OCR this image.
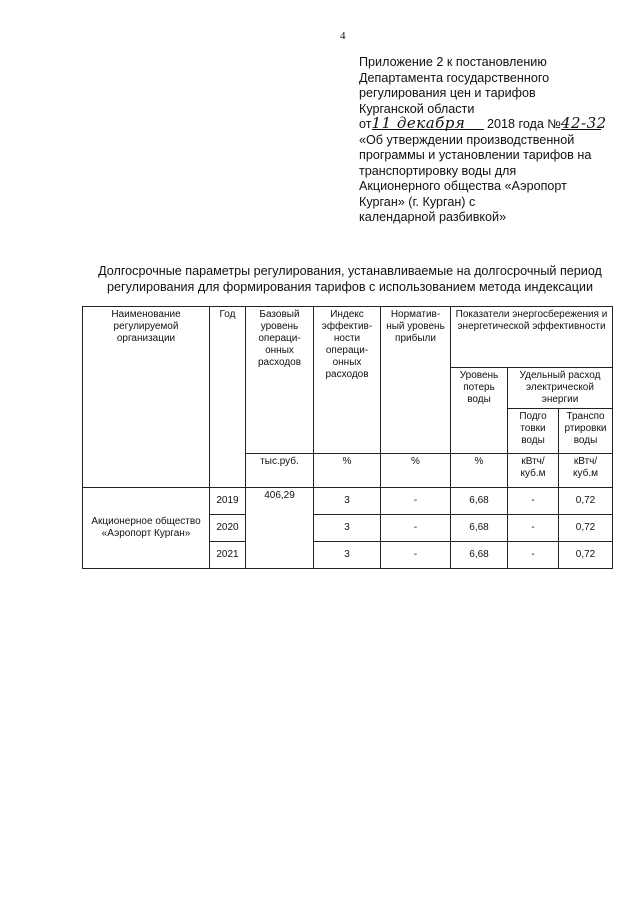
4
Приложение 2 к постановлению
Департамента государственного
регулирования цен и тарифов
Курганской области
от11 декабря 2018 года №42-32
«Об утверждении производственной
программы и установлении тарифов на
транспортировку воды для
Акционерного общества «Аэропорт
Курган» (г. Курган) с
календарной разбивкой»
Долгосрочные параметры регулирования, устанавливаемые на долгосрочный период
регулирования для формирования тарифов с использованием метода индексации
Наименование регулируемой организации	Год	Базовый уровень операци-онных расходов	Индекс эффектив-ности операци-онных расходов	Норматив-ный уровень прибыли	Показатели энергосбережения и энергетической эффективности		
					Уровень потерь воды	Удельный расход электрической энергии	
						Подго товки воды	Транспо ртировки воды
		тыс.руб.	%	%	%	кВтч/ куб.м	кВтч/ куб.м
Акционерное общество «Аэропорт Курган»	2019	406,29	3	-	6,68	-	0,72
	2020		3	-	6,68	-	0,72
	2021		3	-	6,68	-	0,72
